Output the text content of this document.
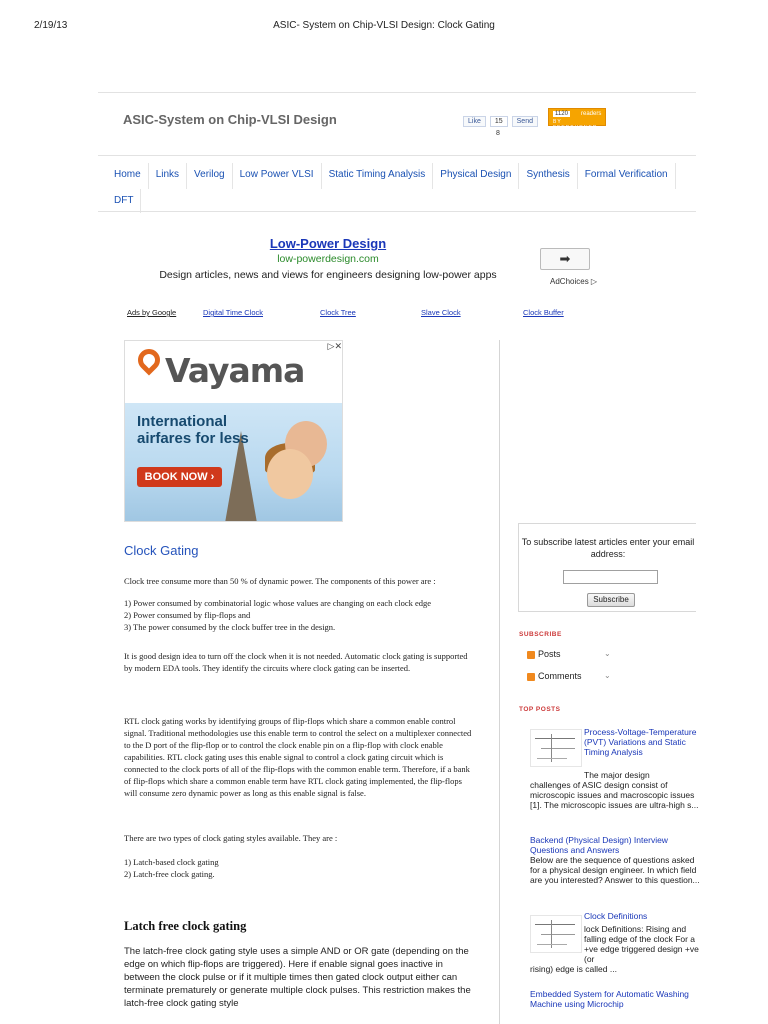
2/19/13	ASIC- System on Chip-VLSI Design: Clock Gating
ASIC-System on Chip-VLSI Design	Like	15	Send
8
1120	readers
BY FEEDBURNER
Home	Links	Verilog	Low Power VLSI	Static Timing Analysis	Physical Design	Synthesis	Formal Verification
DFT
Low-Power Design
low-powerdesign.com
Design articles, news and views for engineers designing low-power apps
➡
AdChoices ▷
Ads by Google	Digital Time Clock	Clock Tree	Slave Clock	Clock Buffer
Vayama
▷✕
International airfares for less
BOOK NOW ›
Clock Gating
Clock tree consume more than 50 % of dynamic power. The components of this power are :
1) Power consumed by combinatorial logic whose values are changing on each clock edge
2) Power consumed by flip-flops and
3) The power consumed by the clock buffer tree in the design.
It is good design idea to turn off the clock when it is not needed. Automatic clock gating is supported by modern EDA tools. They identify the circuits where clock gating can be inserted.
RTL clock gating works by identifying groups of flip-flops which share a common enable control signal. Traditional methodologies use this enable term to control the select on a multiplexer connected to the D port of the flip-flop or to control the clock enable pin on a flip-flop with clock enable capabilities. RTL clock gating uses this enable signal to control a clock gating circuit which is connected to the clock ports of all of the flip-flops with the common enable term. Therefore, if a bank of flip-flops which share a common enable term have RTL clock gating implemented, the flip-flops will consume zero dynamic power as long as this enable signal is false.
There are two types of clock gating styles available. They are :
1) Latch-based clock gating
2) Latch-free clock gating.
Latch free clock gating
The latch-free clock gating style uses a simple AND or OR gate (depending on the edge on which flip-flops are triggered). Here if enable signal goes inactive in between the clock pulse or if it multiple times then gated clock output either can terminate prematurely or generate multiple clock pulses. This restriction makes the latch-free clock gating style
To subscribe latest articles enter your email address:
Subscribe
SUBSCRIBE
Posts	⌄
Comments	⌄
TOP POSTS
Process-Voltage-Temperature (PVT) Variations and Static Timing Analysis
The major design
challenges of ASIC design consist of microscopic issues and macroscopic issues [1]. The microscopic issues are ultra-high s...
Backend (Physical Design) Interview Questions and Answers
Below are the sequence of questions asked for a physical design engineer. In which field are you interested? Answer to this question...
Clock Definitions
lock Definitions: Rising and falling edge of the clock For a +ve edge triggered design +ve (or
rising) edge is called ...
Embedded System for Automatic Washing Machine using Microchip
